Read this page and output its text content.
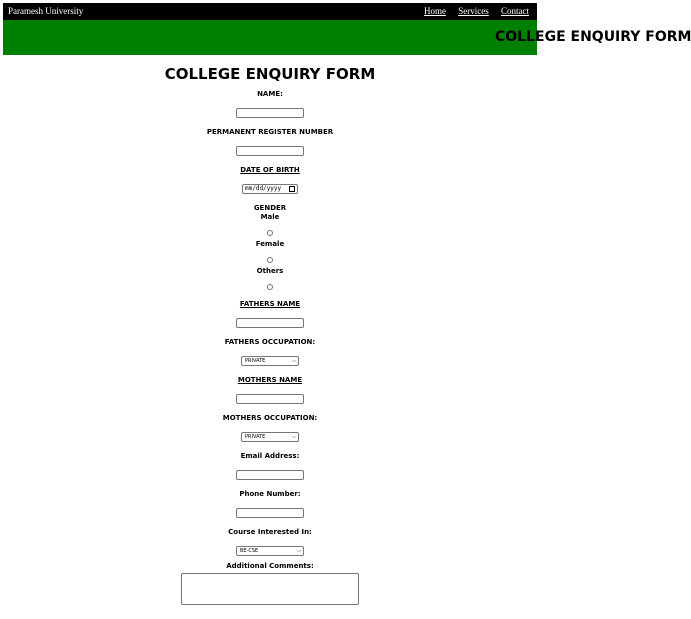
Paramesh University	Home Services Contact
COLLEGE ENQUIRY FORM
COLLEGE ENQUIRY FORM
NAME:
PERMANENT REGISTER NUMBER
DATE OF BIRTH
mm/dd/yyyy
GENDER
Male
Female
Others
FATHERS NAME
FATHERS OCCUPATION:
PRIVATE	⌵
MOTHERS NAME
MOTHERS OCCUPATION:
PRIVATE	⌵
Email Address:
Phone Number:
Course Interested In:
BE-CSE	⌵
Additional Comments:
